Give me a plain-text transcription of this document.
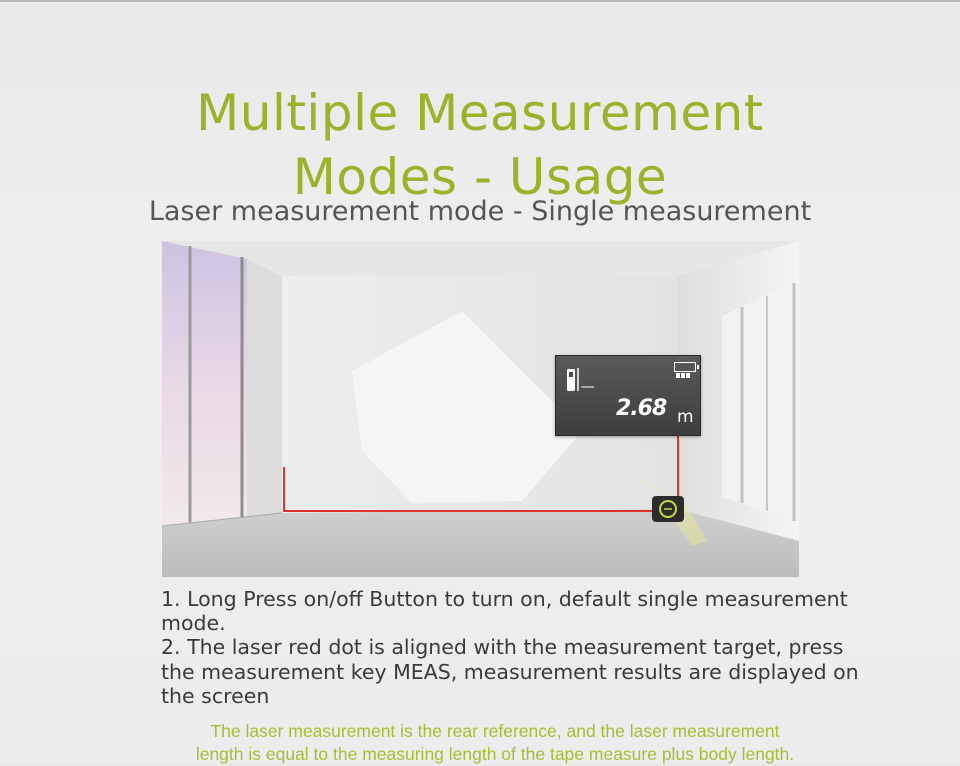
Multiple Measurement
Modes - Usage
Laser measurement mode - Single measurement
2.68 m

1. Long Press on/off Button to turn on, default single measurement mode.

2. The laser red dot is aligned with the measurement target, press the measurement key MEAS, measurement results are displayed on the screen

The laser measurement is the rear reference, and the laser measurement

length is equal to the measuring length of the tape measure plus body length.
